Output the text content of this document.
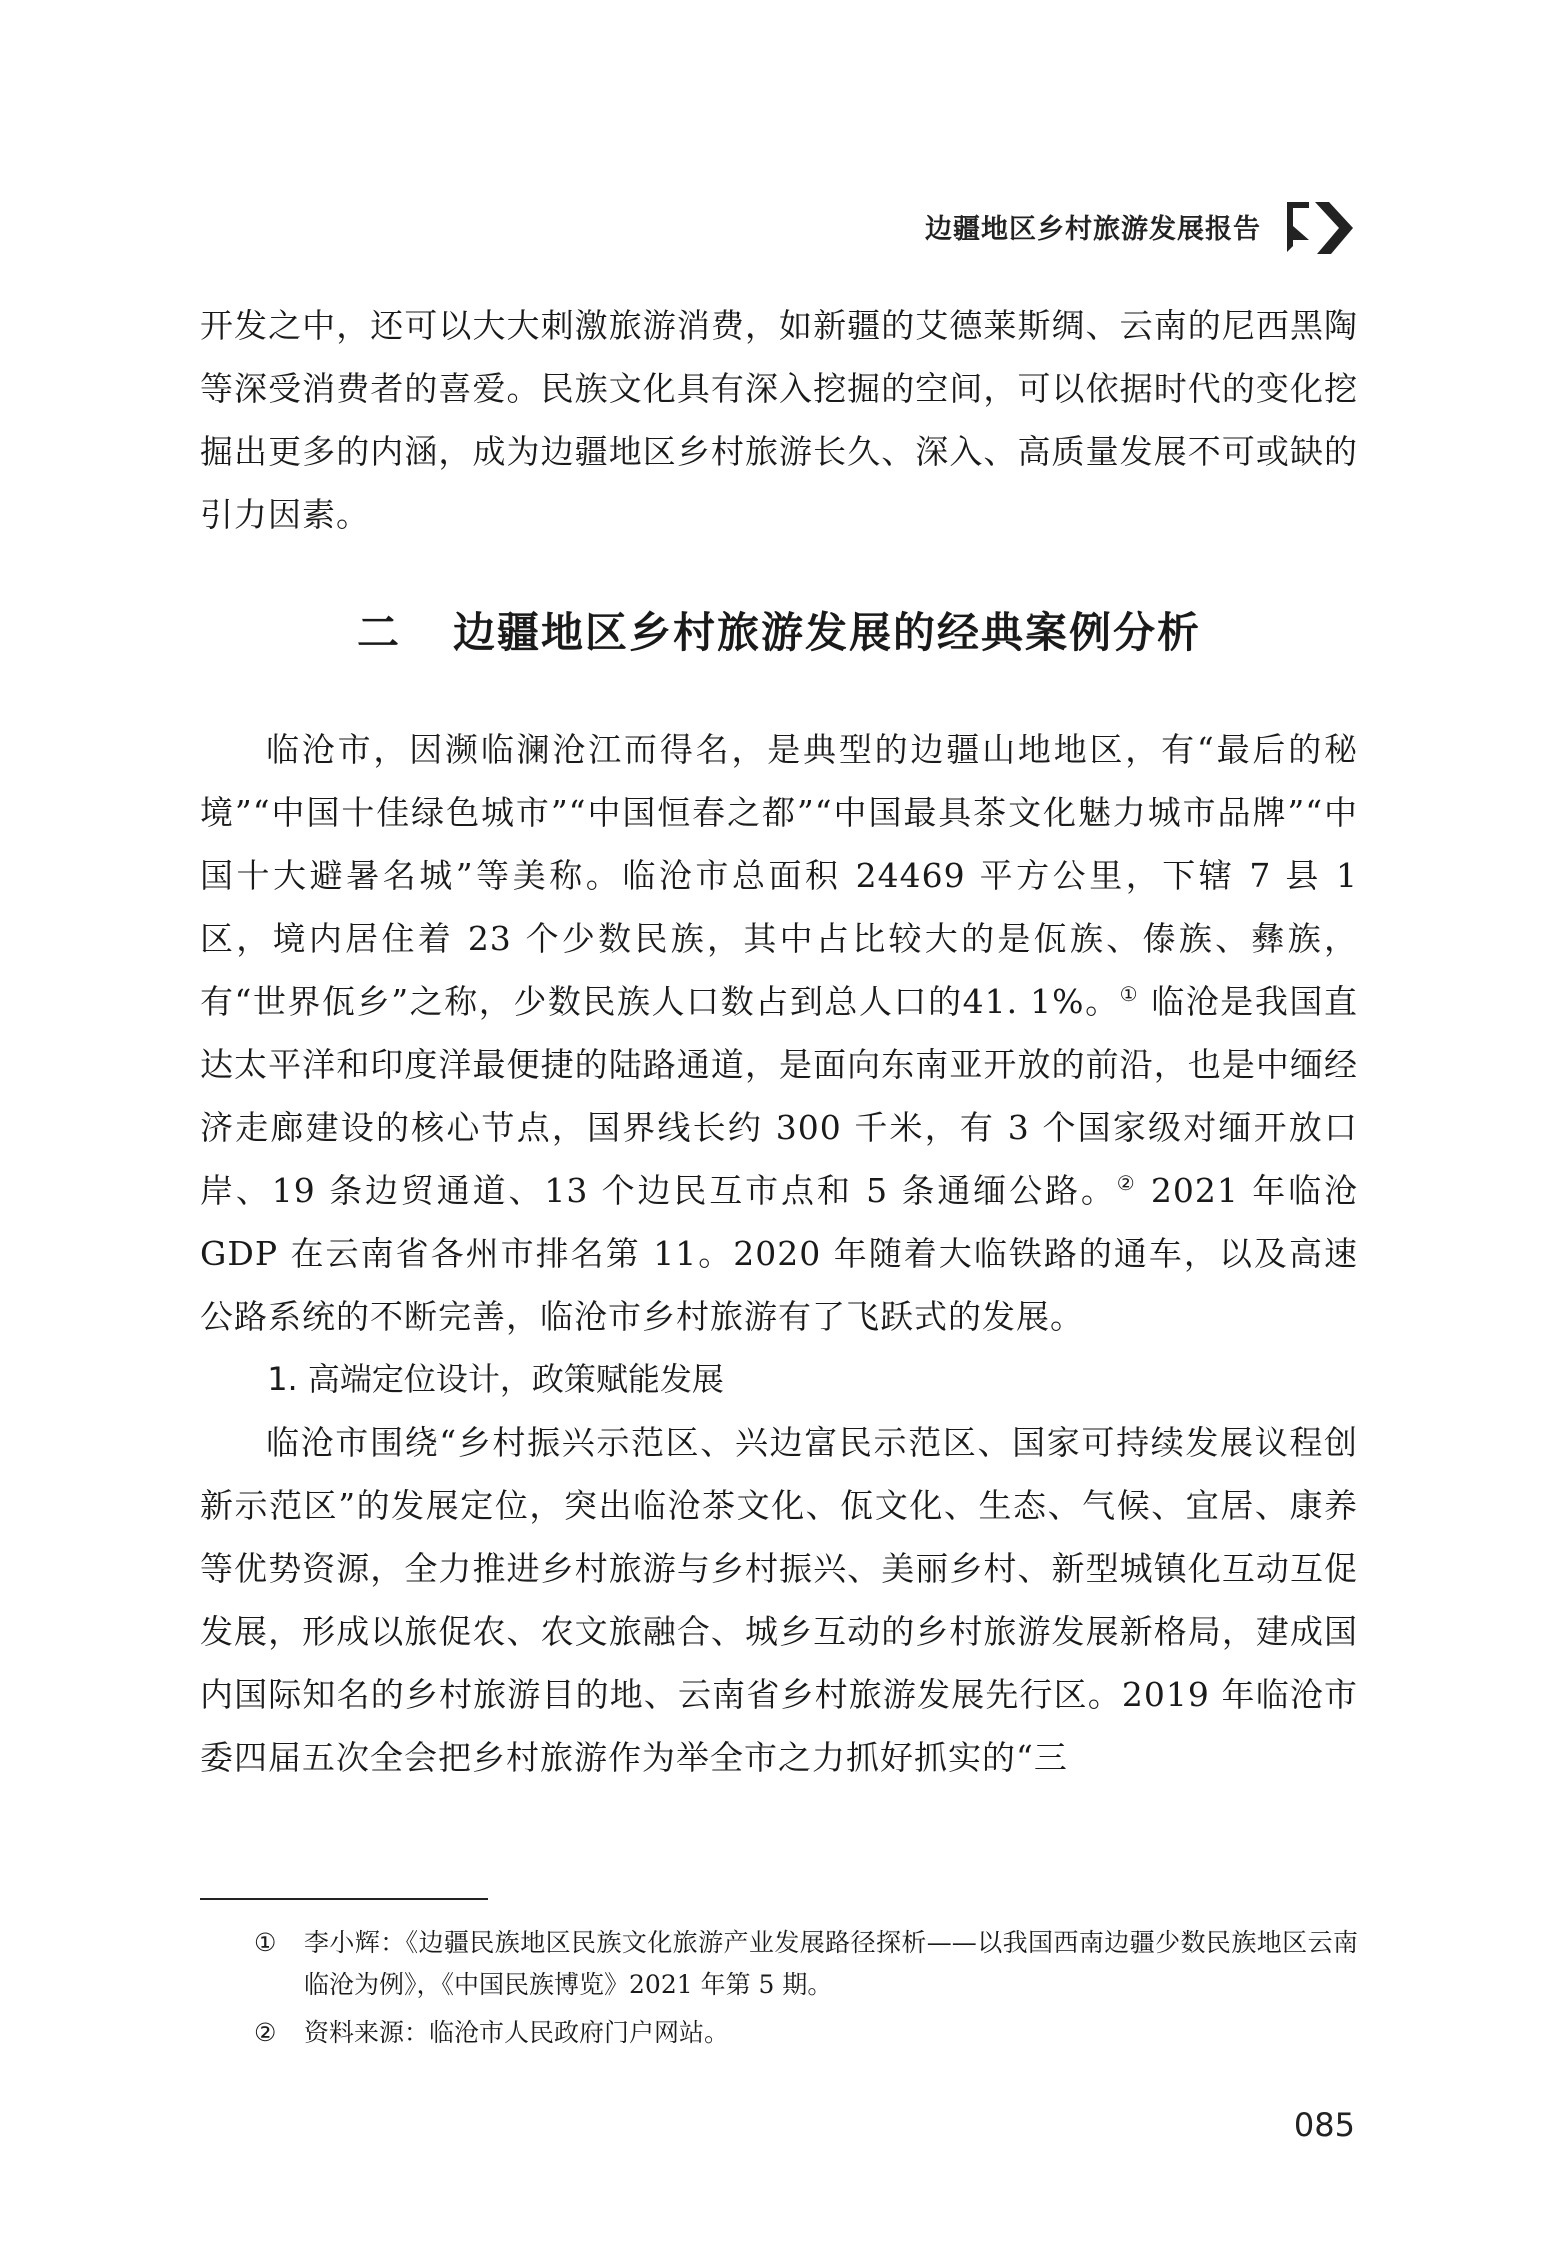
边疆地区乡村旅游发展报告

开发之中，还可以大大刺激旅游消费，如新疆的艾德莱斯绸、云南的尼西黑陶等深受消费者的喜爱。民族文化具有深入挖掘的空间，可以依据时代的变化挖掘出更多的内涵，成为边疆地区乡村旅游长久、深入、高质量发展不可或缺的引力因素。

二 边疆地区乡村旅游发展的经典案例分析

临沧市，因濒临澜沧江而得名，是典型的边疆山地地区，有“最后的秘境”“中国十佳绿色城市”“中国恒春之都”“中国最具茶文化魅力城市品牌”“中国十大避暑名城”等美称。临沧市总面积 24469 平方公里，下辖 7 县 1 区，境内居住着 23 个少数民族，其中占比较大的是佤族、傣族、彝族，有“世界佤乡”之称，少数民族人口数占到总人口的41. 1%。① 临沧是我国直达太平洋和印度洋最便捷的陆路通道，是面向东南亚开放的前沿，也是中缅经济走廊建设的核心节点，国界线长约 300 千米，有 3 个国家级对缅开放口岸、19 条边贸通道、13 个边民互市点和 5 条通缅公路。② 2021 年临沧 GDP 在云南省各州市排名第 11。2020 年随着大临铁路的通车，以及高速公路系统的不断完善，临沧市乡村旅游有了飞跃式的发展。

1. 高端定位设计，政策赋能发展

临沧市围绕“乡村振兴示范区、兴边富民示范区、国家可持续发展议程创新示范区”的发展定位，突出临沧茶文化、佤文化、生态、气候、宜居、康养等优势资源，全力推进乡村旅游与乡村振兴、美丽乡村、新型城镇化互动互促发展，形成以旅促农、农文旅融合、城乡互动的乡村旅游发展新格局，建成国内国际知名的乡村旅游目的地、云南省乡村旅游发展先行区。2019 年临沧市委四届五次全会把乡村旅游作为举全市之力抓好抓实的“三

①	李小辉：《边疆民族地区民族文化旅游产业发展路径探析——以我国西南边疆少数民族地区云南临沧为例》，《中国民族博览》2021 年第 5 期。
②	资料来源：临沧市人民政府门户网站。
085
